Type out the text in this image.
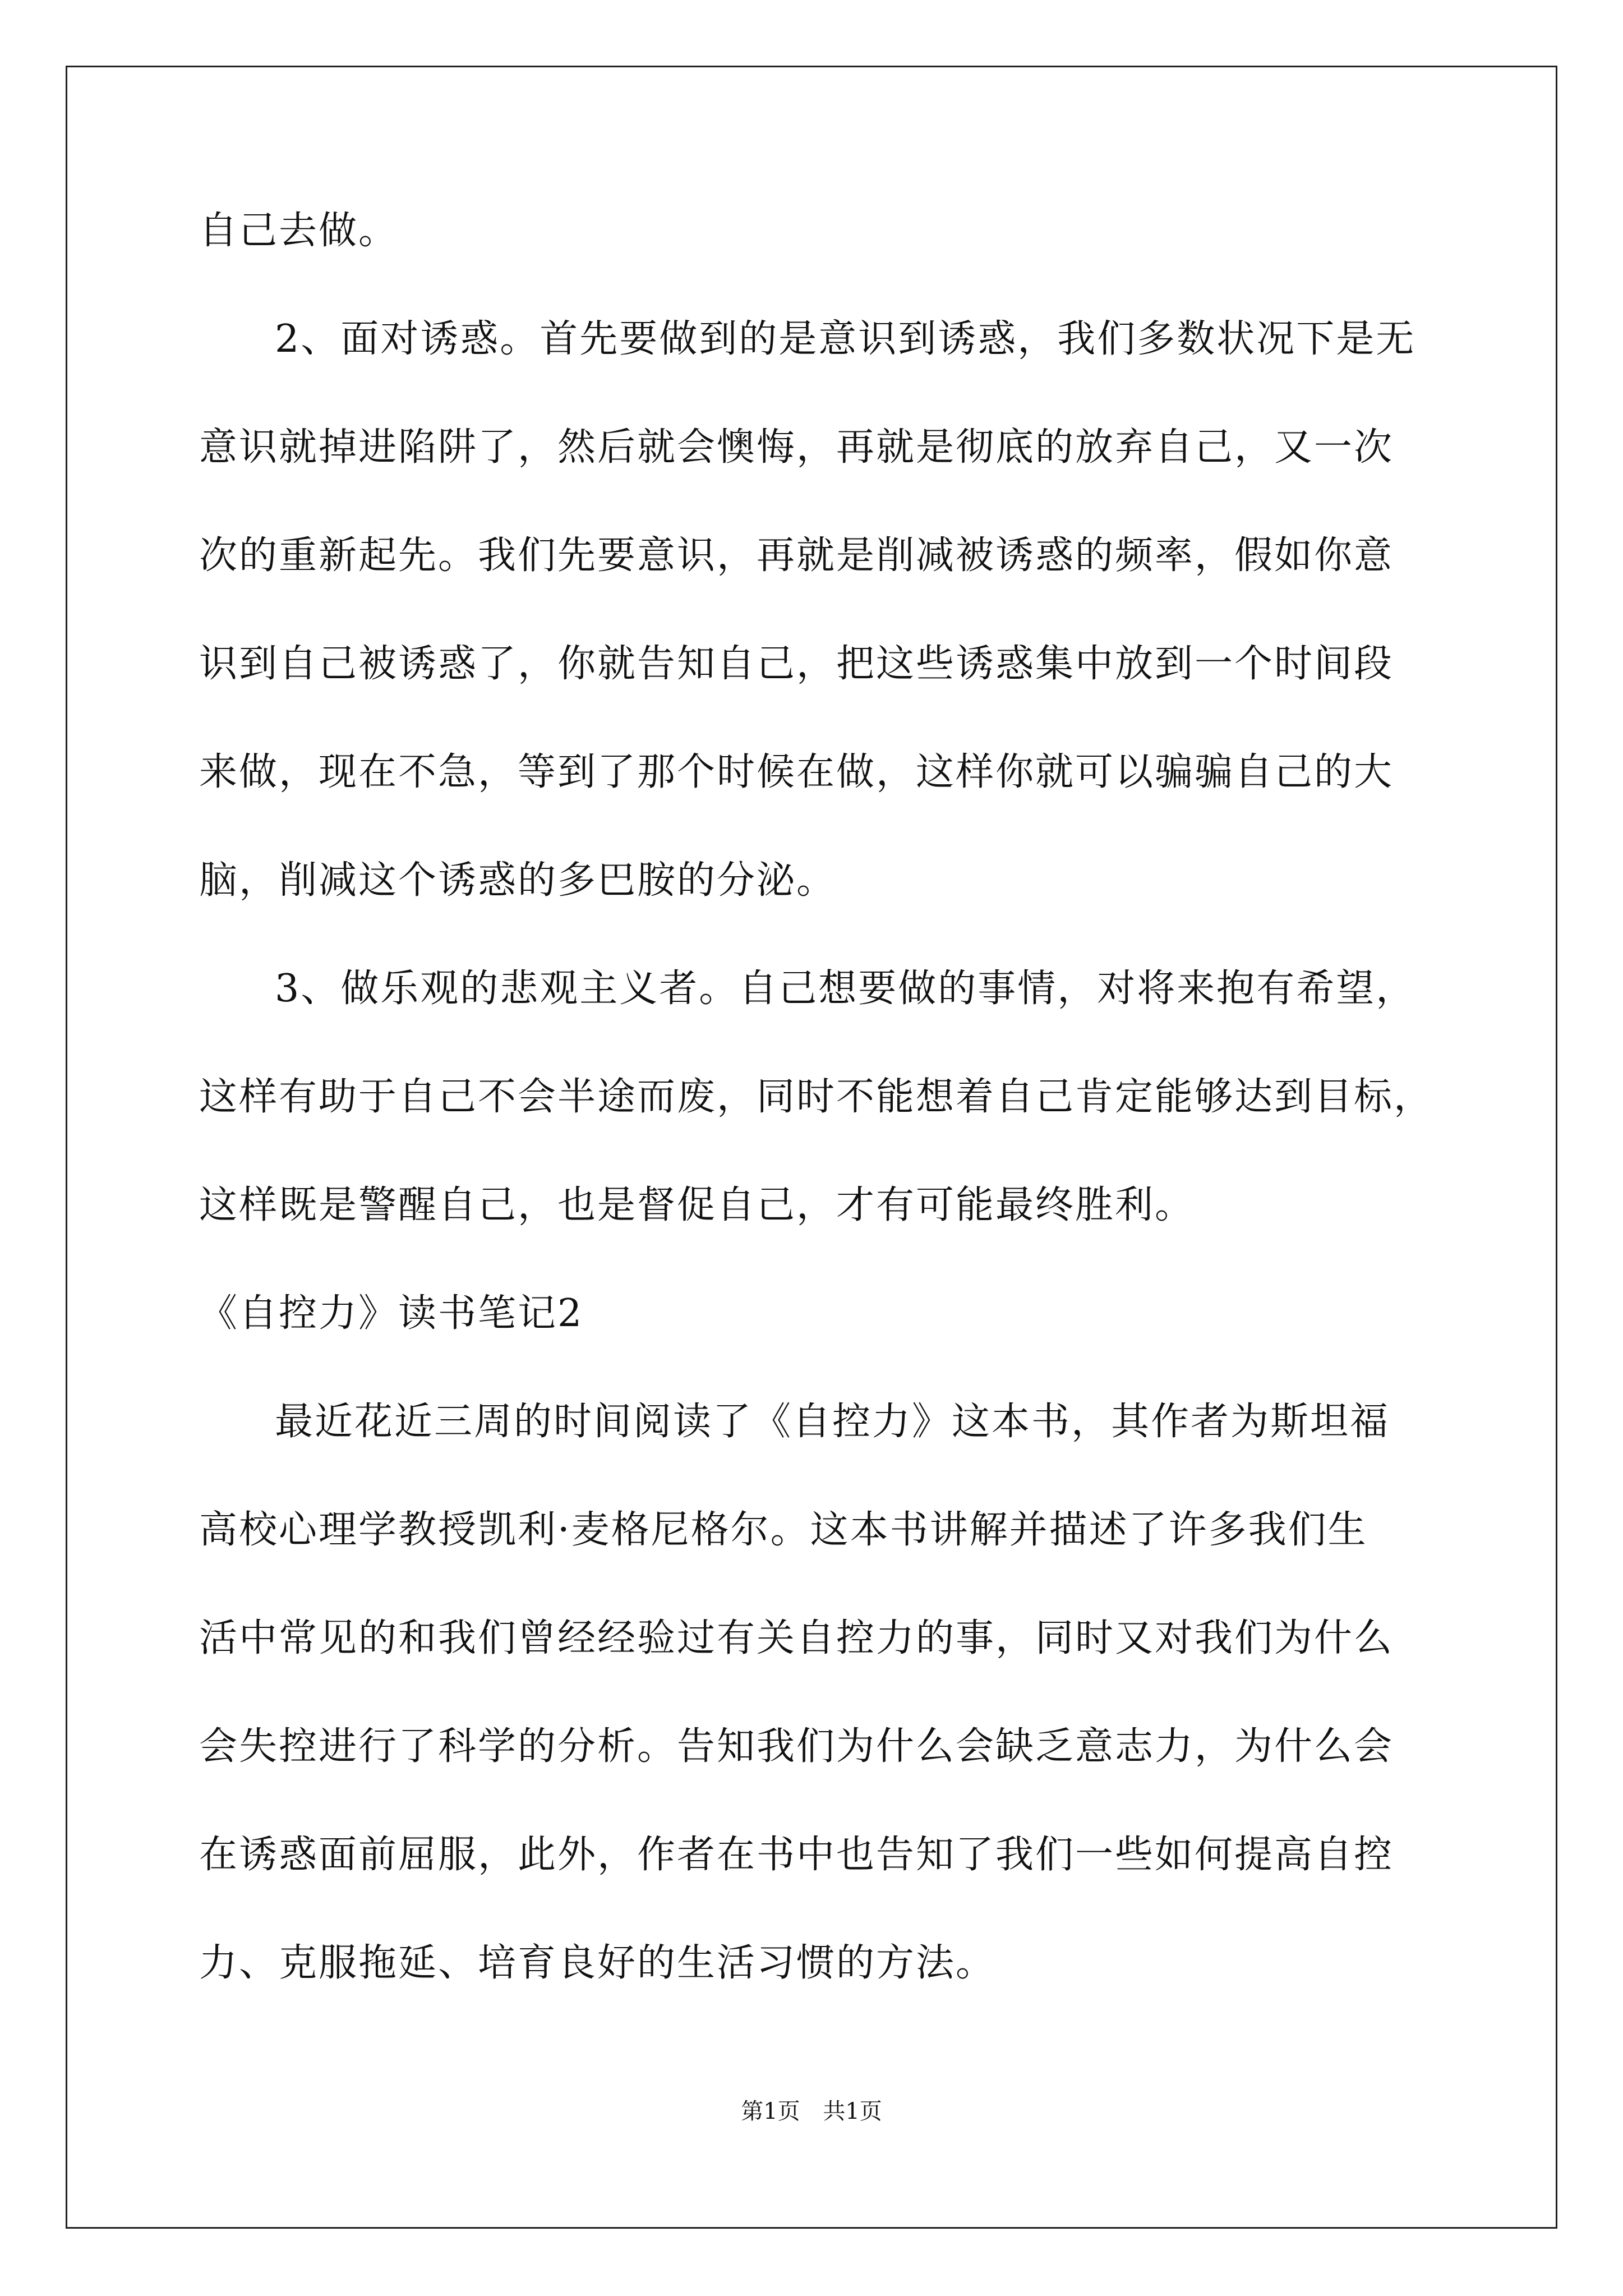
自己去做。
2、面对诱惑。首先要做到的是意识到诱惑，我们多数状况下是无
意识就掉进陷阱了，然后就会懊悔，再就是彻底的放弃自己，又一次
次的重新起先。我们先要意识，再就是削减被诱惑的频率，假如你意
识到自己被诱惑了，你就告知自己，把这些诱惑集中放到一个时间段
来做，现在不急，等到了那个时候在做，这样你就可以骗骗自己的大
脑，削减这个诱惑的多巴胺的分泌。
3、做乐观的悲观主义者。自己想要做的事情，对将来抱有希望，
这样有助于自己不会半途而废，同时不能想着自己肯定能够达到目标，
这样既是警醒自己，也是督促自己，才有可能最终胜利。
《自控力》读书笔记2
最近花近三周的时间阅读了《自控力》这本书，其作者为斯坦福
高校心理学教授凯利·麦格尼格尔。这本书讲解并描述了许多我们生
活中常见的和我们曾经经验过有关自控力的事，同时又对我们为什么
会失控进行了科学的分析。告知我们为什么会缺乏意志力，为什么会
在诱惑面前屈服，此外，作者在书中也告知了我们一些如何提高自控
力、克服拖延、培育良好的生活习惯的方法。
第1页 共1页
